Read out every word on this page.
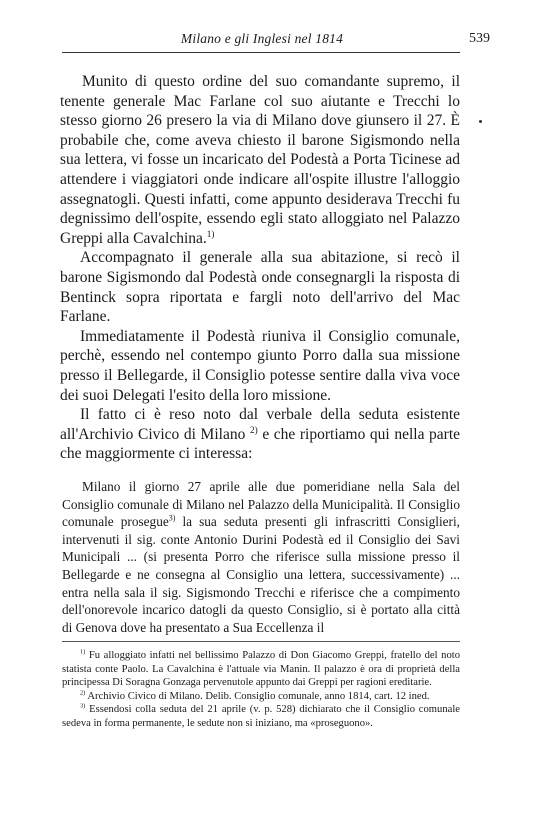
Milano e gli Inglesi nel 1814	539

Munito di questo ordine del suo comandante supremo, il tenente generale Mac Farlane col suo aiutante e Trecchi lo stesso giorno 26 presero la via di Milano dove giunsero il 27. È probabile che, come aveva chiesto il barone Sigismondo nella sua lettera, vi fosse un incaricato del Podestà a Porta Ticinese ad attendere i viaggiatori onde indicare all'ospite illustre l'alloggio assegnatogli. Questi infatti, come appunto desiderava Trecchi fu degnissimo dell'ospite, essendo egli stato alloggiato nel Palazzo Greppi alla Cavalchina.$^{1)}$

Accompagnato il generale alla sua abitazione, si recò il barone Sigismondo dal Podestà onde consegnargli la risposta di Bentinck sopra riportata e fargli noto dell'arrivo del Mac Farlane.

Immediatamente il Podestà riuniva il Consiglio comunale, perchè, essendo nel contempo giunto Porro dalla sua missione presso il Bellegarde, il Consiglio potesse sentire dalla viva voce dei suoi Delegati l'esito della loro missione.

Il fatto ci è reso noto dal verbale della seduta esistente all'Archivio Civico di Milano $^{2)}$ e che riportiamo qui nella parte che maggiormente ci interessa:

Milano il giorno 27 aprile alle due pomeridiane nella Sala del Consiglio comunale di Milano nel Palazzo della Municipalità. Il Consiglio comunale prosegue$^{3)}$ la sua seduta presenti gli infrascritti Consiglieri, intervenuti il sig. conte Antonio Durini Podestà ed il Consiglio dei Savi Municipali ... (si presenta Porro che riferisce sulla missione presso il Bellegarde e ne consegna al Consiglio una lettera, successivamente) ... entra nella sala il sig. Sigismondo Trecchi e riferisce che a compimento dell'onorevole incarico datogli da questo Consiglio, si è portato alla città di Genova dove ha presentato a Sua Eccellenza il

$^{1)}$ Fu alloggiato infatti nel bellissimo Palazzo di Don Giacomo Greppi, fratello del noto statista conte Paolo. La Cavalchina è l'attuale via Manin. Il palazzo è ora di proprietà della principessa Di Soragna Gonzaga pervenutole appunto dai Greppi per ragioni ereditarie.

$^{2)}$ Archivio Civico di Milano. Delib. Consiglio comunale, anno 1814, cart. 12 ined.

$^{3)}$ Essendosi colla seduta del 21 aprile (v. p. 528) dichiarato che il Consiglio comunale sedeva in forma permanente, le sedute non si iniziano, ma «proseguono».
